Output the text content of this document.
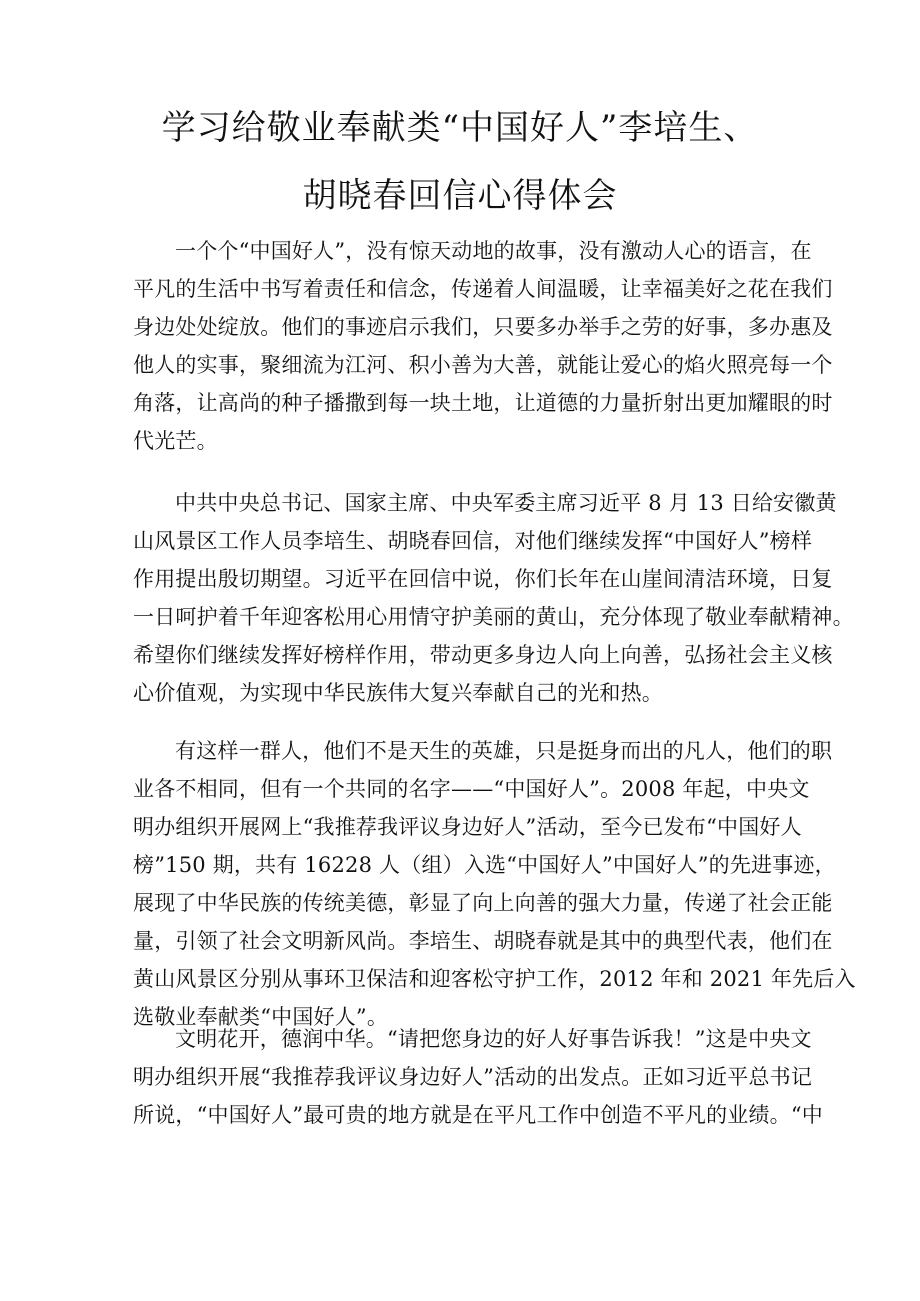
学习给敬业奉献类“中国好人”李培生、
胡晓春回信心得体会
一个个“中国好人”，没有惊天动地的故事，没有激动人心的语言，在
平凡的生活中书写着责任和信念，传递着人间温暖，让幸福美好之花在我们
身边处处绽放。他们的事迹启示我们，只要多办举手之劳的好事，多办惠及
他人的实事，聚细流为江河、积小善为大善，就能让爱心的焰火照亮每一个
角落，让高尚的种子播撒到每一块土地，让道德的力量折射出更加耀眼的时
代光芒。
中共中央总书记、国家主席、中央军委主席习近平 8 月 13 日给安徽黄
山风景区工作人员李培生、胡晓春回信，对他们继续发挥“中国好人”榜样
作用提出殷切期望。习近平在回信中说，你们长年在山崖间清洁环境，日复
一日呵护着千年迎客松用心用情守护美丽的黄山，充分体现了敬业奉献精神。
希望你们继续发挥好榜样作用，带动更多身边人向上向善，弘扬社会主义核
心价值观，为实现中华民族伟大复兴奉献自己的光和热。
有这样一群人，他们不是天生的英雄，只是挺身而出的凡人，他们的职
业各不相同，但有一个共同的名字——“中国好人”。2008 年起，中央文
明办组织开展网上“我推荐我评议身边好人”活动，至今已发布“中国好人
榜”150 期，共有 16228 人（组）入选“中国好人”中国好人”的先进事迹，
展现了中华民族的传统美德，彰显了向上向善的强大力量，传递了社会正能
量，引领了社会文明新风尚。李培生、胡晓春就是其中的典型代表，他们在
黄山风景区分别从事环卫保洁和迎客松守护工作，2012 年和 2021 年先后入
选敬业奉献类“中国好人”。
文明花开，德润中华。“请把您身边的好人好事告诉我！”这是中央文
明办组织开展“我推荐我评议身边好人”活动的出发点。正如习近平总书记
所说，“中国好人”最可贵的地方就是在平凡工作中创造不平凡的业绩。“中
